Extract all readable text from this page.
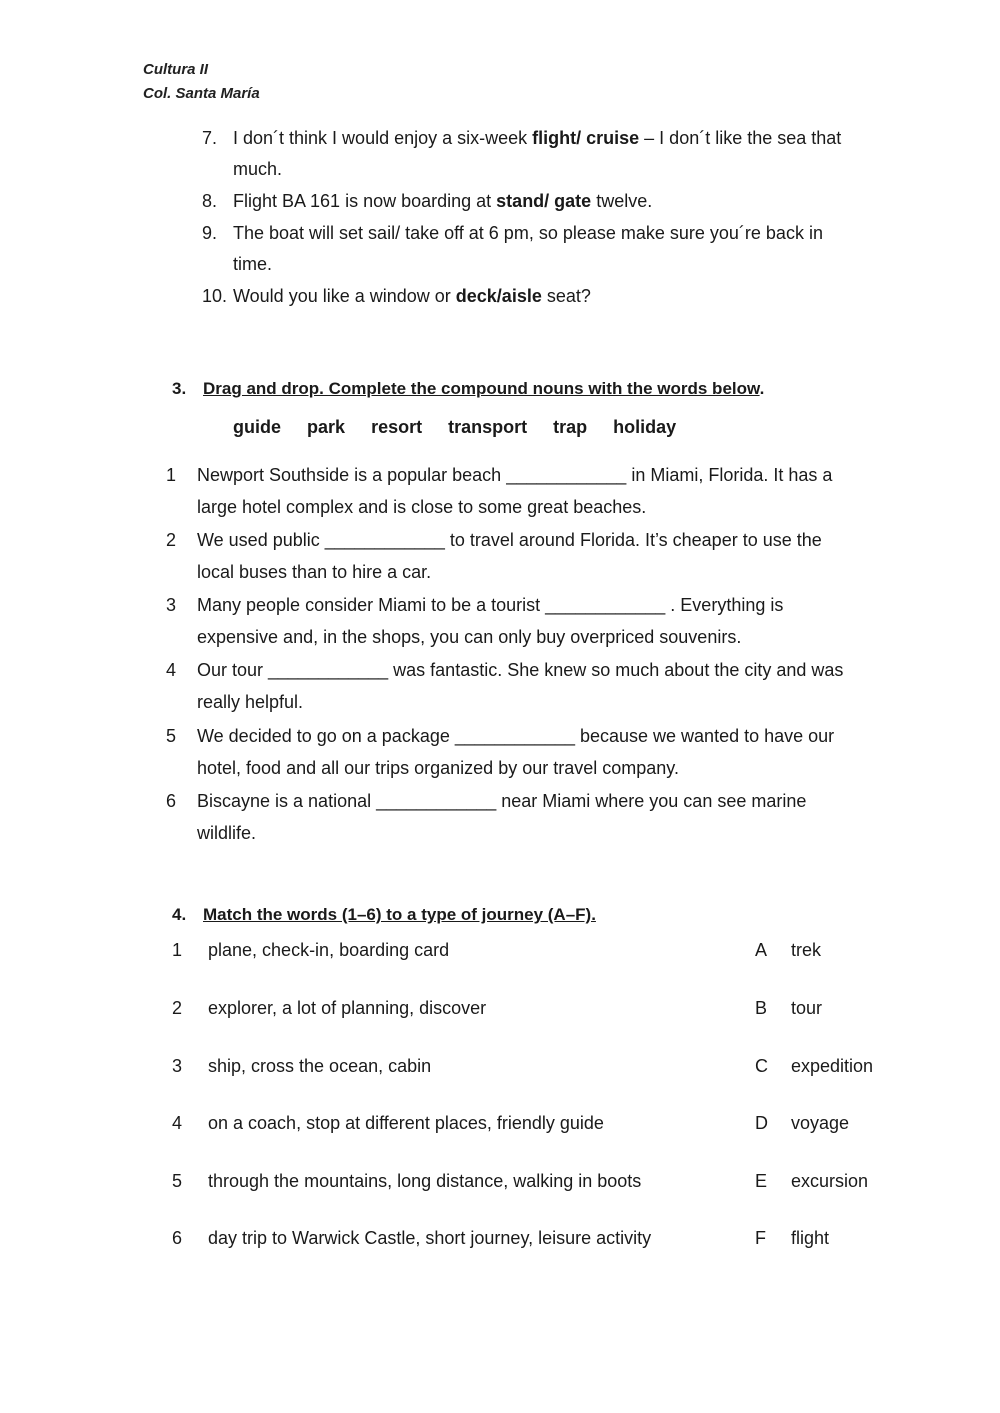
Cultura II
Col. Santa María
7. I don´t think I would enjoy a six-week flight/ cruise – I don´t like the sea that much.
8. Flight BA 161 is now boarding at stand/ gate twelve.
9. The boat will set sail/ take off at 6 pm, so please make sure you´re back in time.
10. Would you like a window or deck/aisle seat?
3. Drag and drop. Complete the compound nouns with the words below.
guide park resort transport trap holiday
1 Newport Southside is a popular beach ____________ in Miami, Florida. It has a large hotel complex and is close to some great beaches.
2 We used public ____________ to travel around Florida. It’s cheaper to use the local buses than to hire a car.
3 Many people consider Miami to be a tourist ____________ . Everything is expensive and, in the shops, you can only buy overpriced souvenirs.
4 Our tour ____________ was fantastic. She knew so much about the city and was really helpful.
5 We decided to go on a package ____________ because we wanted to have our hotel, food and all our trips organized by our travel company.
6 Biscayne is a national ____________ near Miami where you can see marine wildlife.
4. Match the words (1–6) to a type of journey (A–F).
1 plane, check-in, boarding card	A trek
2 explorer, a lot of planning, discover	B tour
3 ship, cross the ocean, cabin	C expedition
4 on a coach, stop at different places, friendly guide	D voyage
5 through the mountains, long distance, walking in boots	E excursion
6 day trip to Warwick Castle, short journey, leisure activity	F flight
